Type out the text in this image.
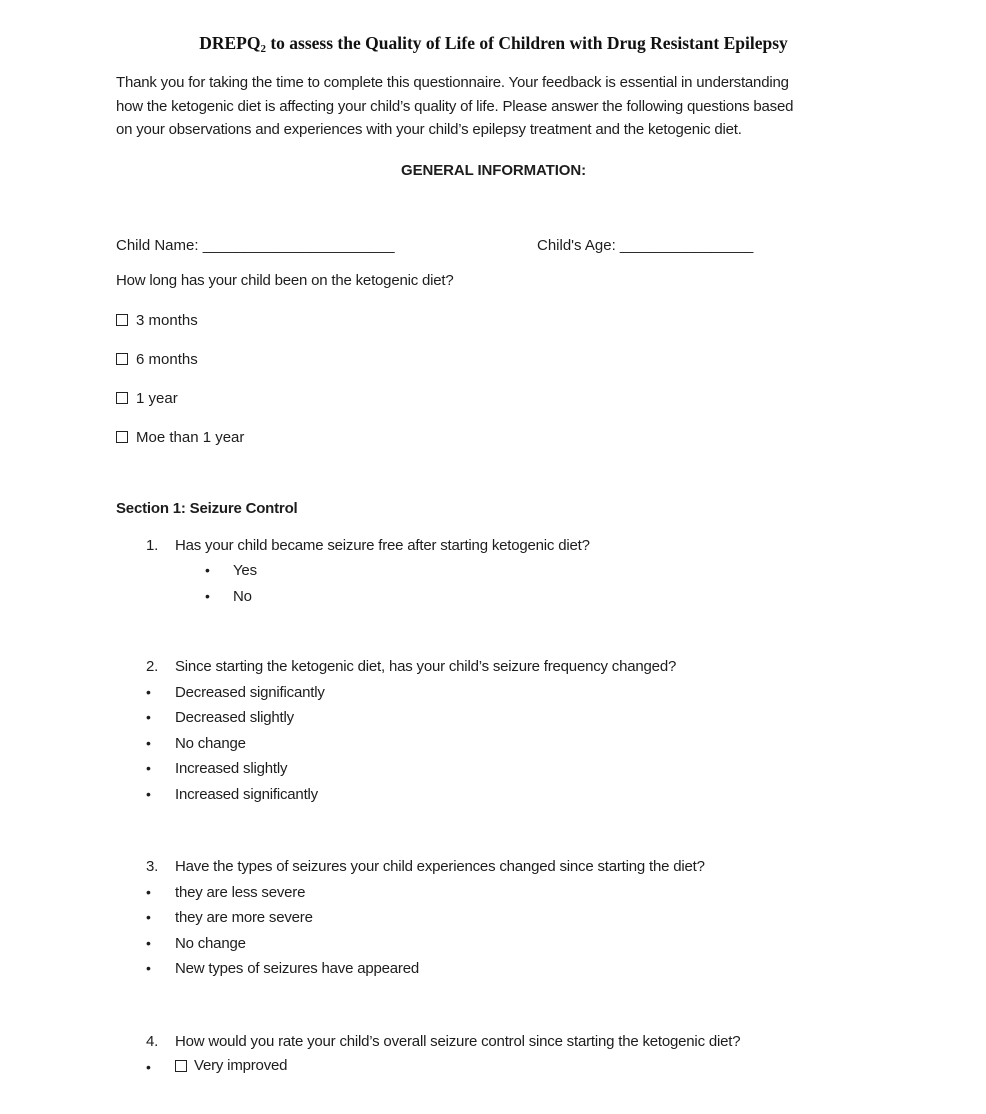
$DREPQ_2$ to assess the Quality of Life of Children with Drug Resistant Epilepsy
Thank you for taking the time to complete this questionnaire. Your feedback is essential in understanding
how the ketogenic diet is affecting your child’s quality of life. Please answer the following questions based
on your observations and experiences with your child’s epilepsy treatment and the ketogenic diet.
GENERAL INFORMATION:
Child Name: _______________________	Child's Age: ________________
How long has your child been on the ketogenic diet?
3 months
6 months
1 year
Moe than 1 year
Section 1: Seizure Control
1.	Has your child became seizure free after starting ketogenic diet?
•	Yes
•	No
2.	Since starting the ketogenic diet, has your child’s seizure frequency changed?
•	Decreased significantly
•	Decreased slightly
•	No change
•	Increased slightly
•	Increased significantly
3.	Have the types of seizures your child experiences changed since starting the diet?
•	they are less severe
•	they are more severe
•	No change
•	New types of seizures have appeared
4.	How would you rate your child’s overall seizure control since starting the ketogenic diet?
•	Very improved
